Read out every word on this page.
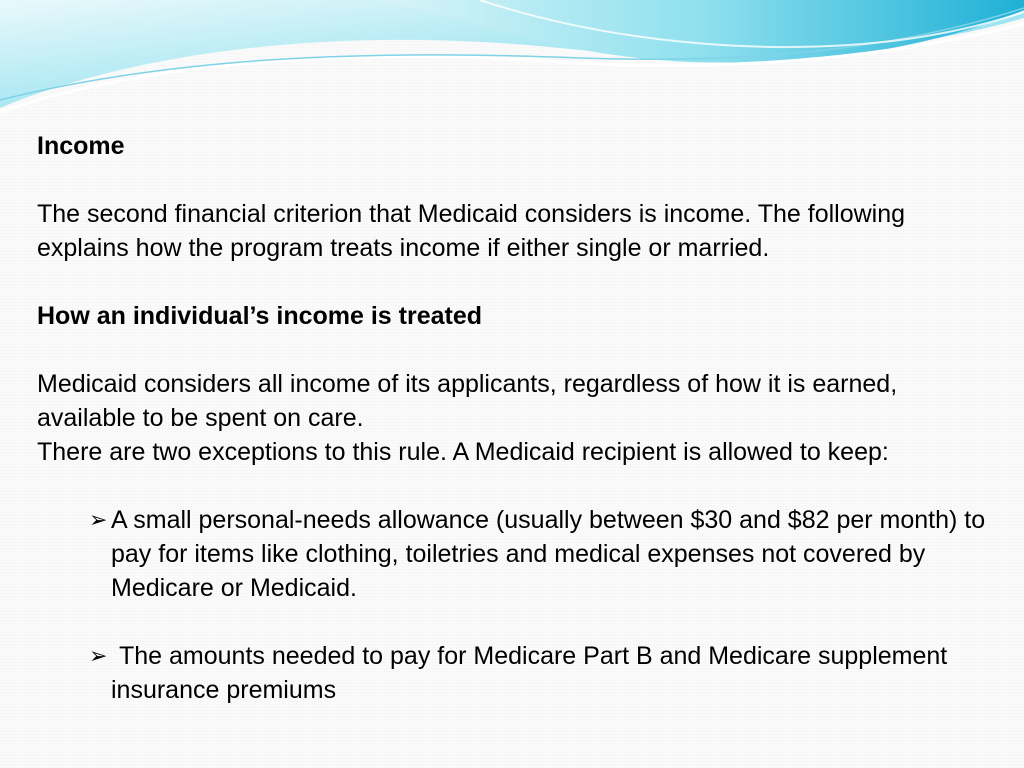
Income

The second financial criterion that Medicaid considers is income. The following explains how the program treats income if either single or married.

How an individual’s income is treated

Medicaid considers all income of its applicants, regardless of how it is earned, available to be spent on care.

There are two exceptions to this rule. A Medicaid recipient is allowed to keep:

➢ A small personal-needs allowance (usually between $30 and $82 per month) to pay for items like clothing, toiletries and medical expenses not covered by Medicare or Medicaid.
➢ The amounts needed to pay for Medicare Part B and Medicare supplement insurance premiums
